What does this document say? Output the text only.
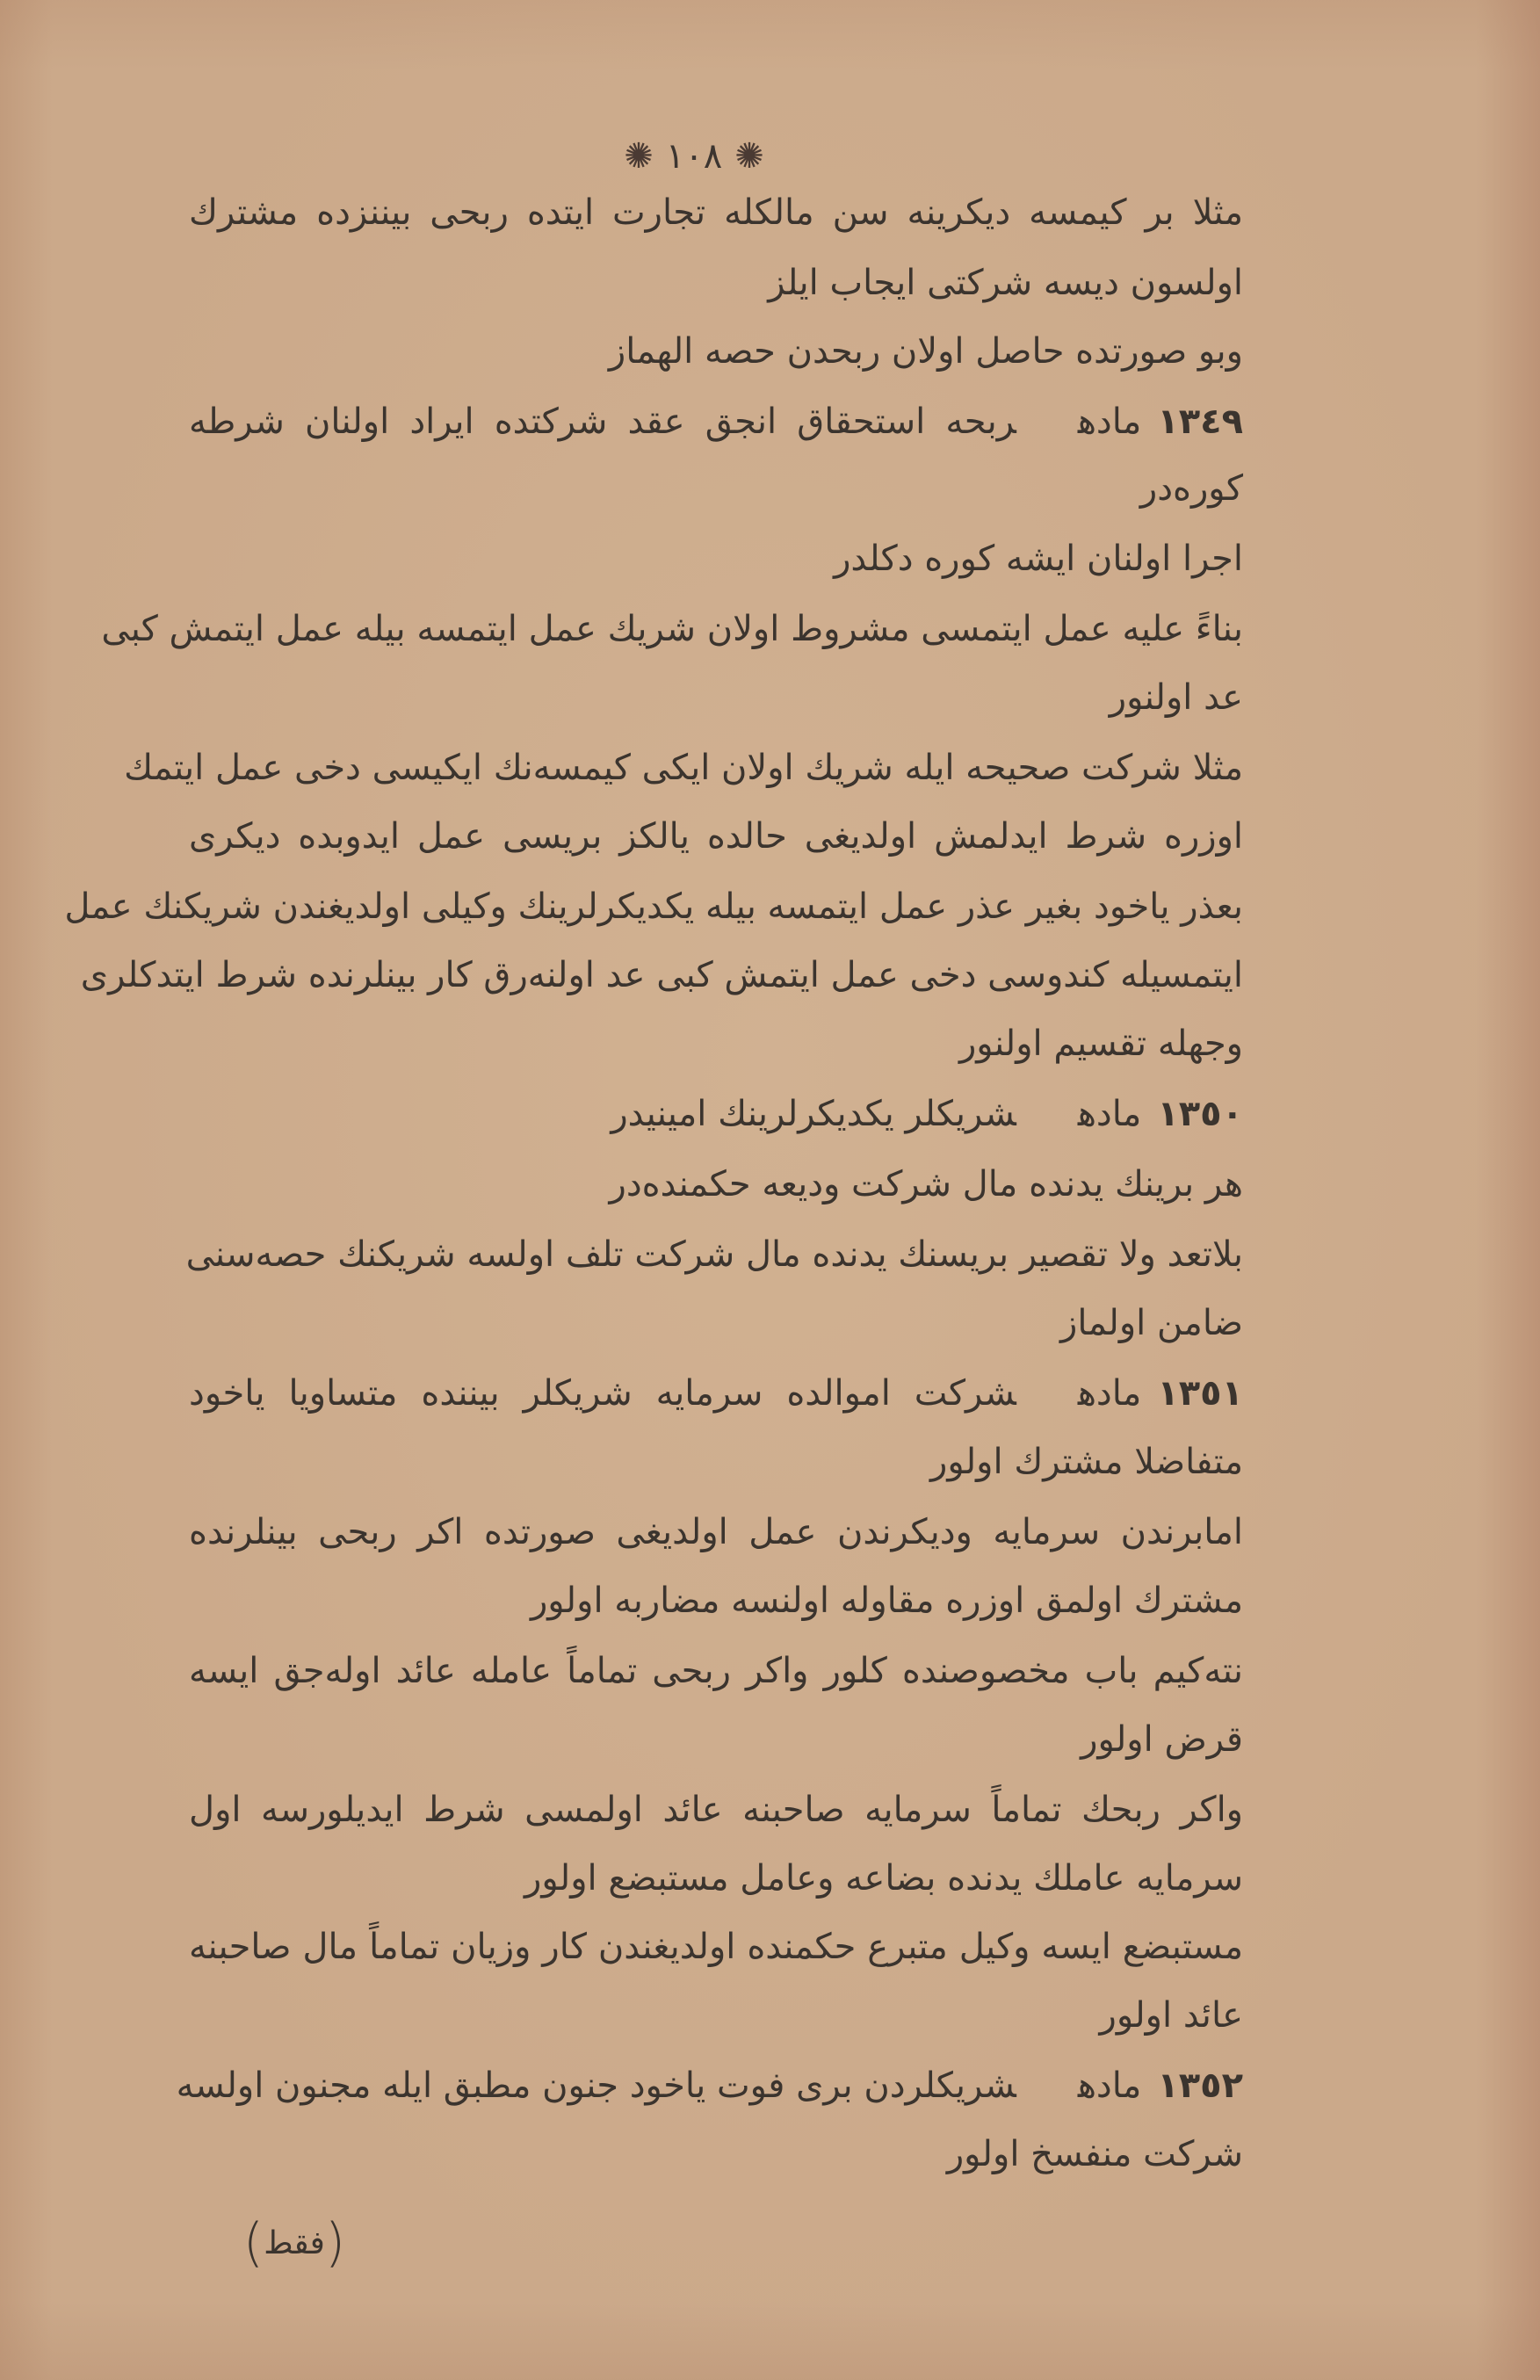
✺
١٠٨
✺
مثلا بر كيمسه ديكرينه سن مالكله تجارت ايتده ربحى بيننزده مشترك
اولسون ديسه شركتى ايجاب ايلز
وبو صورتده حاصل اولان ربحدن حصه الهماز
١٣٤٩مادهربحه استحقاق انجق عقد شركتده ايراد اولنان شرطه
كوره‌در
اجرا اولنان ايشه كوره دكلدر
بناءً عليه عمل ايتمسى مشروط اولان شريك عمل ايتمسه بيله عمل ايتمش كبى
عد اولنور
مثلا شركت صحيحه ايله شريك اولان ايكى كيمسه‌نك ايكيسى دخى عمل ايتمك
اوزره شرط ايدلمش اولديغى حالده يالكز بريسى عمل ايدوبده ديكرى
بعذر ياخود بغير عذر عمل ايتمسه بيله يكديكرلرينك وكيلى اولديغندن شريكنك عمل
ايتمسيله كندوسى دخى عمل ايتمش كبى عد اولنه‌رق كار بينلرنده شرط ايتدكلرى
وجهله تقسيم اولنور
١٣٥٠مادهشريكلر يكديكرلرينك امينيدر
هر برينك يدنده مال شركت وديعه حكمنده‌در
بلاتعد ولا تقصير بريسنك يدنده مال شركت تلف اولسه شريكنك حصه‌سنى
ضامن اولماز
١٣٥١مادهشركت اموالده سرمايه شريكلر بيننده متساويا ياخود
متفاضلا مشترك اولور
امابرندن سرمايه وديكرندن عمل اولديغى صورتده اكر ربحى بينلرنده
مشترك اولمق اوزره مقاوله اولنسه مضاربه اولور
نته‌كيم باب مخصوصنده كلور واكر ربحى تماماً عامله عائد اوله‌جق ايسه
قرض اولور
واكر ربحك تماماً سرمايه صاحبنه عائد اولمسى شرط ايديلورسه اول
سرمايه عاملك يدنده بضاعه وعامل مستبضع اولور
مستبضع ايسه وكيل متبرع حكمنده اولديغندن كار وزيان تماماً مال صاحبنه
عائد اولور
١٣٥٢مادهشريكلردن برى فوت ياخود جنون مطبق ايله مجنون اولسه
شركت منفسخ اولور
(
فقط
)
